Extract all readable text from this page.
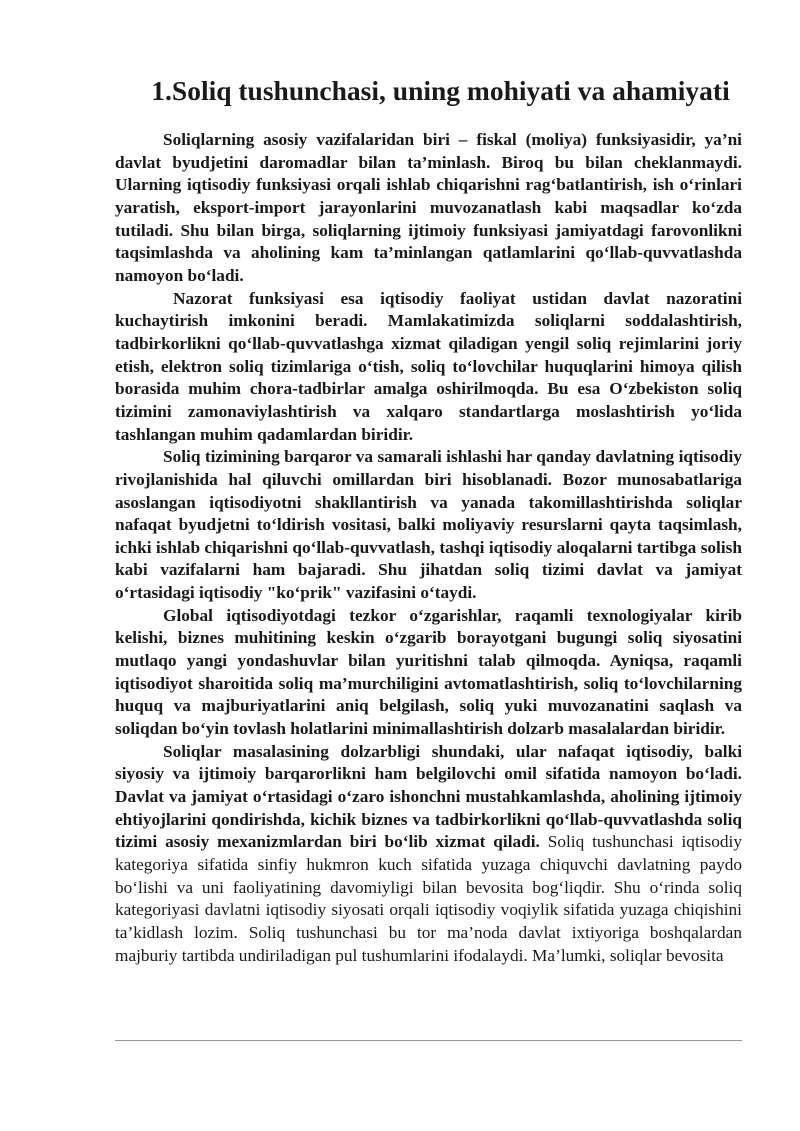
1.Soliq tushunchasi, uning mohiyati va ahamiyati

Soliqlarning asosiy vazifalaridan biri – fiskal (moliya) funksiyasidir, ya’ni davlat byudjetini daromadlar bilan ta’minlash. Biroq bu bilan cheklanmaydi. Ularning iqtisodiy funksiyasi orqali ishlab chiqarishni rag‘batlantirish, ish o‘rinlari yaratish, eksport-import jarayonlarini muvozanatlash kabi maqsadlar ko‘zda tutiladi. Shu bilan birga, soliqlarning ijtimoiy funksiyasi jamiyatdagi farovonlikni taqsimlashda va aholining kam ta’minlangan qatlamlarini qo‘llab-quvvatlashda namoyon bo‘ladi.

Nazorat funksiyasi esa iqtisodiy faoliyat ustidan davlat nazoratini kuchaytirish imkonini beradi. Mamlakatimizda soliqlarni soddalashtirish, tadbirkorlikni qo‘llab-quvvatlashga xizmat qiladigan yengil soliq rejimlarini joriy etish, elektron soliq tizimlariga o‘tish, soliq to‘lovchilar huquqlarini himoya qilish borasida muhim chora-tadbirlar amalga oshirilmoqda. Bu esa O‘zbekiston soliq tizimini zamonaviylashtirish va xalqaro standartlarga moslashtirish yo‘lida tashlangan muhim qadamlardan biridir.

Soliq tizimining barqaror va samarali ishlashi har qanday davlatning iqtisodiy rivojlanishida hal qiluvchi omillardan biri hisoblanadi. Bozor munosabatlariga asoslangan iqtisodiyotni shakllantirish va yanada takomillashtirishda soliqlar nafaqat byudjetni to‘ldirish vositasi, balki moliyaviy resurslarni qayta taqsimlash, ichki ishlab chiqarishni qo‘llab-quvvatlash, tashqi iqtisodiy aloqalarni tartibga solish kabi vazifalarni ham bajaradi. Shu jihatdan soliq tizimi davlat va jamiyat o‘rtasidagi iqtisodiy "ko‘prik" vazifasini o‘taydi.

Global iqtisodiyotdagi tezkor o‘zgarishlar, raqamli texnologiyalar kirib kelishi, biznes muhitining keskin o‘zgarib borayotgani bugungi soliq siyosatini mutlaqo yangi yondashuvlar bilan yuritishni talab qilmoqda. Ayniqsa, raqamli iqtisodiyot sharoitida soliq ma’murchiligini avtomatlashtirish, soliq to‘lovchilarning huquq va majburiyatlarini aniq belgilash, soliq yuki muvozanatini saqlash va soliqdan bo‘yin tovlash holatlarini minimallashtirish dolzarb masalalardan biridir.

Soliqlar masalasining dolzarbligi shundaki, ular nafaqat iqtisodiy, balki siyosiy va ijtimoiy barqarorlikni ham belgilovchi omil sifatida namoyon bo‘ladi. Davlat va jamiyat o‘rtasidagi o‘zaro ishonchni mustahkamlashda, aholining ijtimoiy ehtiyojlarini qondirishda, kichik biznes va tadbirkorlikni qo‘llab-quvvatlashda soliq tizimi asosiy mexanizmlardan biri bo‘lib xizmat qiladi. Soliq tushunchasi iqtisodiy kategoriya sifatida sinfiy hukmron kuch sifatida yuzaga chiquvchi davlatning paydo bo‘lishi va uni faoliyatining davomiyligi bilan bevosita bog‘liqdir. Shu o‘rinda soliq kategoriyasi davlatni iqtisodiy siyosati orqali iqtisodiy voqiylik sifatida yuzaga chiqishini ta’kidlash lozim. Soliq tushunchasi bu tor ma’noda davlat ixtiyoriga boshqalardan majburiy tartibda undiriladigan pul tushumlarini ifodalaydi. Ma’lumki, soliqlar bevosita
